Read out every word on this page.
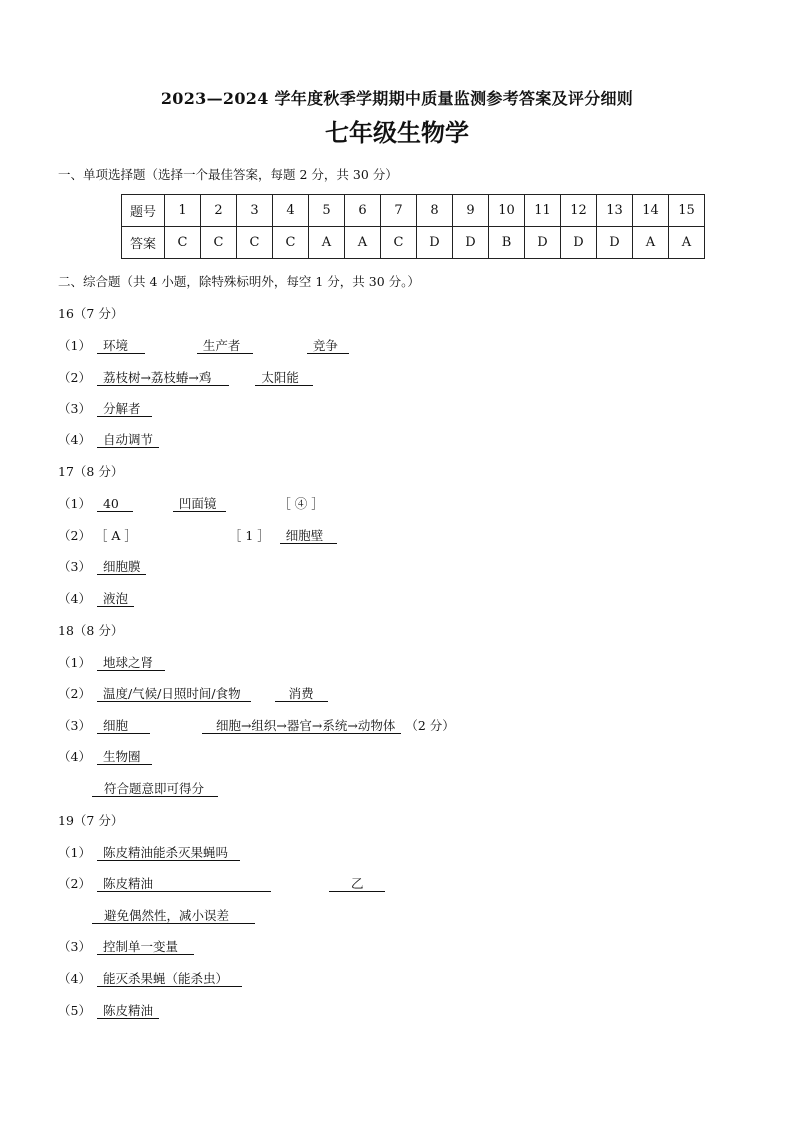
2023—2024 学年度秋季学期期中质量监测参考答案及评分细则
七年级生物学
一、单项选择题（选择一个最佳答案，每题 2 分，共 30 分）
题号	1	2	3	4	5	6	7	8	9	10	11	12	13	14	15
答案	C	C	C	C	A	A	C	D	D	B	D	D	D	A	A
二、综合题（共 4 小题，除特殊标明外，每空 1 分，共 30 分。）
16（7 分）
（1） 环境	生产者	竞争
（2） 荔枝树→荔枝蝽→鸡	太阳能
（3） 分解者
（4） 自动调节
17（8 分）
（1） 40	凹面镜	［ ④ ］
（2） ［ A ］	［ 1 ］ 细胞壁
（3） 细胞膜
（4） 液泡
18（8 分）
（1） 地球之肾
（2） 温度/气候/日照时间/食物	消费
（3） 细胞	细胞→组织→器官→系统→动物体 （2 分）
（4） 生物圈
符合题意即可得分
19（7 分）
（1） 陈皮精油能杀灭果蝇吗
（2） 陈皮精油	乙
避免偶然性，减小误差
（3） 控制单一变量
（4） 能灭杀果蝇（能杀虫）
（5） 陈皮精油
